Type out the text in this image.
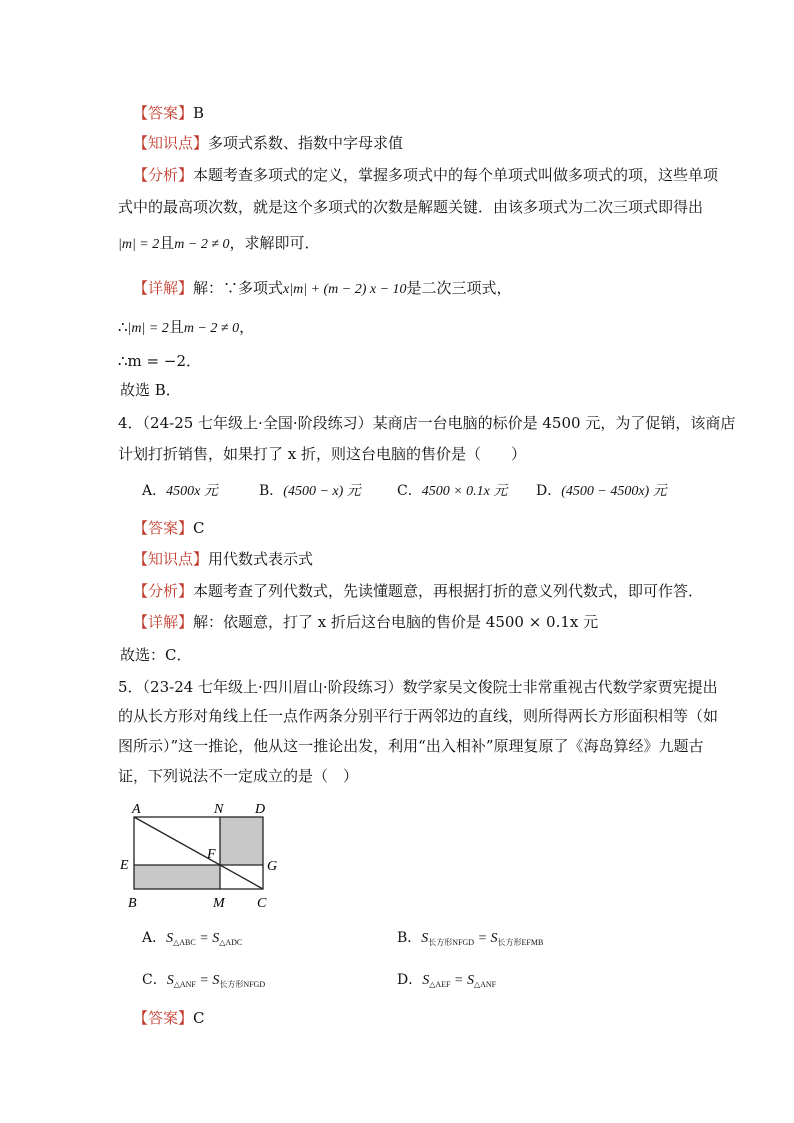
【答案】B
【知识点】多项式系数、指数中字母求值
【分析】本题考查多项式的定义，掌握多项式中的每个单项式叫做多项式的项，这些单项
式中的最高项次数，就是这个多项式的次数是解题关键．由该多项式为二次三项式即得出
|m| = 2且m − 2 ≠ 0，求解即可．
【详解】解：∵多项式x|m| + (m − 2) x − 10是二次三项式，
∴|m| = 2且m − 2 ≠ 0，
∴m = −2．
故选 B．
4．（24-25 七年级上·全国·阶段练习）某商店一台电脑的标价是 4500 元，为了促销，该商店
计划打折销售，如果打了 x 折，则这台电脑的售价是（　　）
A．4500x 元	B．(4500 − x) 元	C．4500 × 0.1x 元 D．(4500 − 4500x) 元
【答案】C
【知识点】用代数式表示式
【分析】本题考查了列代数式，先读懂题意，再根据打折的意义列代数式，即可作答．
【详解】解：依题意，打了 x 折后这台电脑的售价是 4500 × 0.1x 元
故选：C．
5．（23-24 七年级上·四川眉山·阶段练习）数学家吴文俊院士非常重视古代数学家贾宪提出
的从长方形对角线上任一点作两条分别平行于两邻边的直线，则所得两长方形面积相等（如
图所示）”这一推论，他从这一推论出发，利用“出入相补”原理复原了《海岛算经》九题古
证，下列说法不一定成立的是（　）
A	N D
E
F
G
B	M C
A．$S_{\triangle ABC} = S_{\triangle ADC}$	B．$S_{长方形NFGD} = S_{长方形EFMB}$
C．$S_{\triangle ANF} = S_{长方形NFGD}$	D．$S_{\triangle AEF} = S_{\triangle ANF}$
【答案】C
